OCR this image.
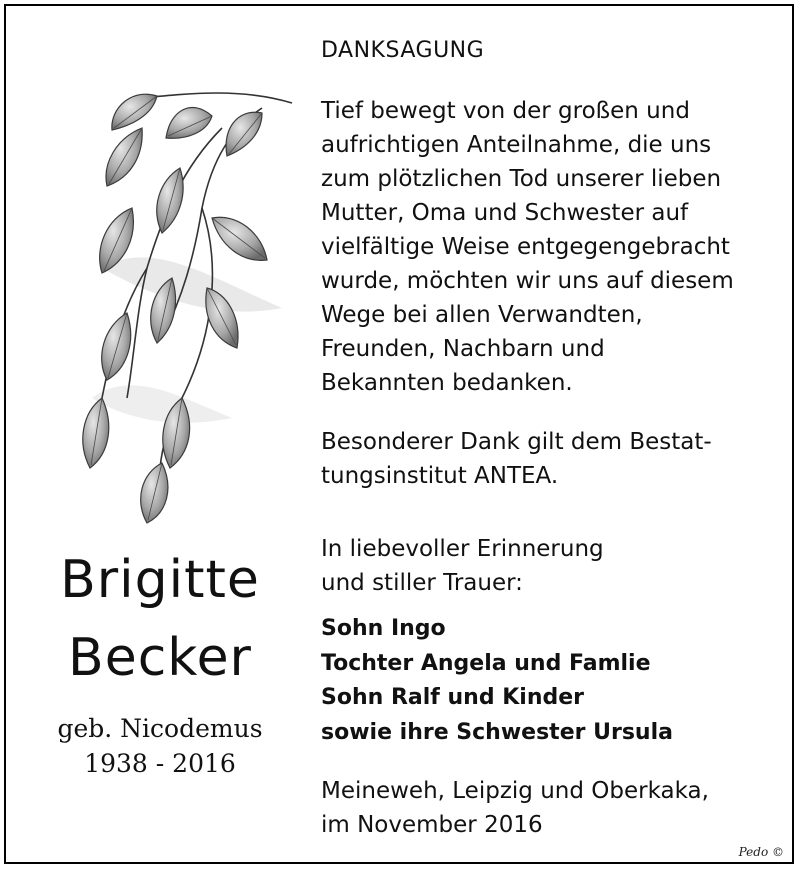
Brigitte
Becker
geb. Nicodemus
1938 - 2016
DANKSAGUNG
Tief bewegt von der großen und
aufrichtigen Anteilnahme, die uns
zum plötzlichen Tod unserer lieben
Mutter, Oma und Schwester auf
vielfältige Weise entgegengebracht
wurde, möchten wir uns auf diesem
Wege bei allen Verwandten,
Freunden, Nachbarn und
Bekannten bedanken.
Besonderer Dank gilt dem Bestat-
tungsinstitut ANTEA.
In liebevoller Erinnerung
und stiller Trauer:
Sohn Ingo
Tochter Angela und Famlie
Sohn Ralf und Kinder
sowie ihre Schwester Ursula
Meineweh, Leipzig und Oberkaka,
im November 2016
Pedo ©
